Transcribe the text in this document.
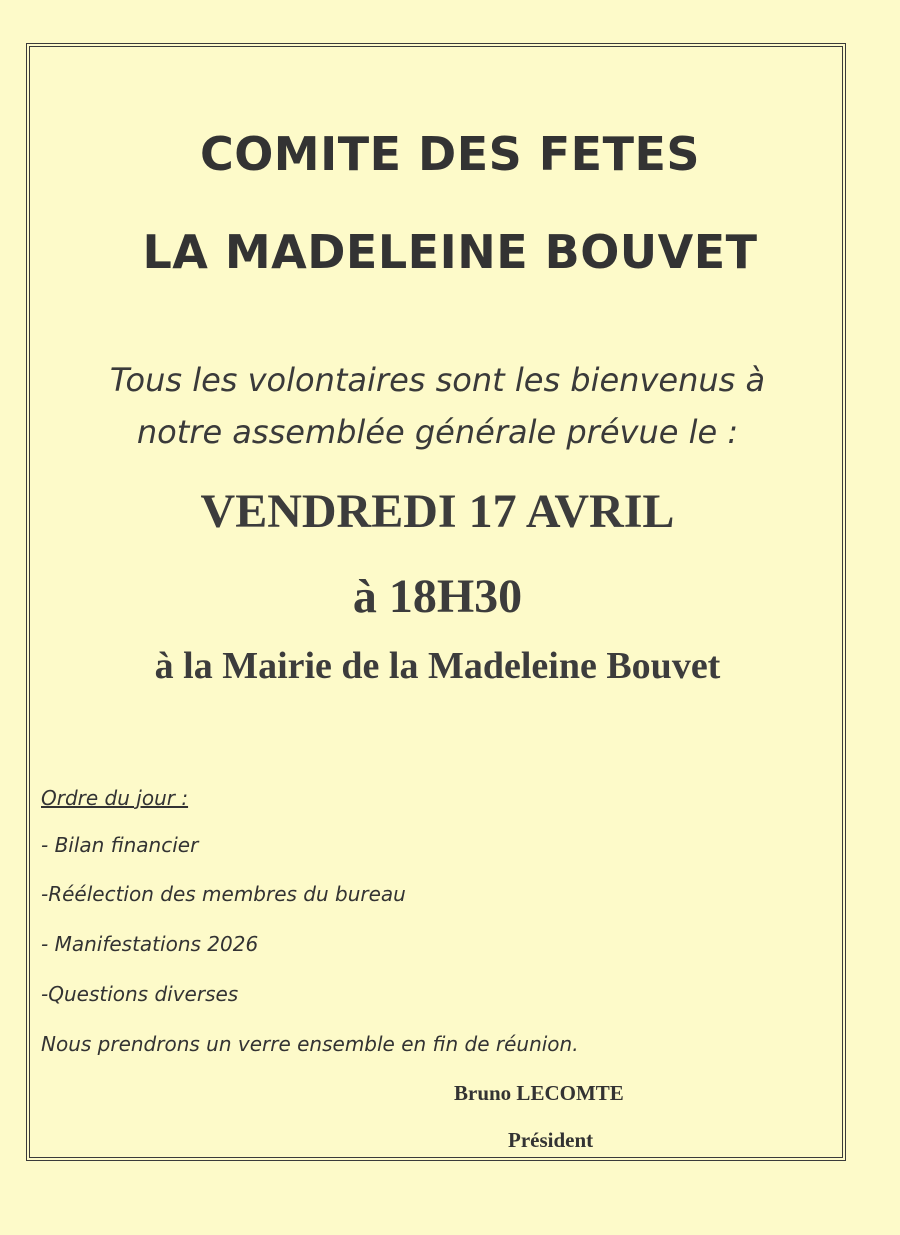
COMITE DES FETES
LA MADELEINE BOUVET
Tous les volontaires sont les bienvenus à
notre assemblée générale prévue le :
VENDREDI 17 AVRIL
à 18H30
à la Mairie de la Madeleine Bouvet
Ordre du jour :
- Bilan financier
-Réélection des membres du bureau
- Manifestations 2026
-Questions diverses
Nous prendrons un verre ensemble en fin de réunion.
Bruno LECOMTE
Président
